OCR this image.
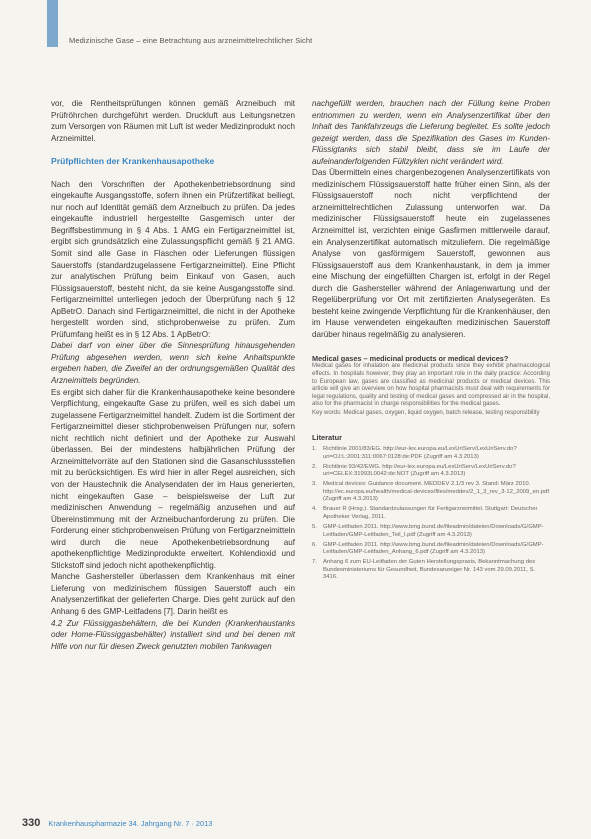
Medizinische Gase – eine Betrachtung aus arzneimittelrechtlicher Sicht

vor, die Rentheitsprüfungen können gemäß Arzneibuch mit Prüfröhrchen durchgeführt werden. Druckluft aus Leitungsnetzen zum Versorgen von Räumen mit Luft ist weder Medizinprodukt noch Arzneimittel.

Prüfpflichten der Krankenhausapotheke

Nach den Vorschriften der Apothekenbetriebsordnung sind eingekaufte Ausgangsstoffe, sofern ihnen ein Prüfzertifikat beiliegt, nur noch auf Identität gemäß dem Arzneibuch zu prüfen. Da jedes eingekaufte industriell hergestellte Gasgemisch unter der Begriffsbestimmung in § 4 Abs. 1 AMG ein Fertigarzneimittel ist, ergibt sich grundsätzlich eine Zulassungspflicht gemäß § 21 AMG. Somit sind alle Gase in Flaschen oder Lieferungen flüssigen Sauerstoffs (standardzugelassene Fertigarzneimittel). Eine Pflicht zur analytischen Prüfung beim Einkauf von Gasen, auch Flüssigsauerstoff, besteht nicht, da sie keine Ausgangsstoffe sind. Fertigarzneimittel unterliegen jedoch der Überprüfung nach § 12 ApBetrO. Danach sind Fertigarzneimittel, die nicht in der Apotheke hergestellt worden sind, stichprobenweise zu prüfen. Zum Prüfumfang heißt es in § 12 Abs. 1 ApBetrO:

Dabei darf von einer über die Sinnesprüfung hinausgehenden Prüfung abgesehen werden, wenn sich keine Anhaltspunkte ergeben haben, die Zweifel an der ordnungsgemäßen Qualität des Arzneimittels begründen.

Es ergibt sich daher für die Krankenhausapotheke keine besondere Verpflichtung, eingekaufte Gase zu prüfen, weil es sich dabei um zugelassene Fertigarzneimittel handelt. Zudem ist die Sortiment der Fertigarzneimittel dieser stichprobenweisen Prüfungen nur, sofern nicht rechtlich nicht definiert und der Apotheke zur Auswahl überlassen. Bei der mindestens halbjährlichen Prüfung der Arzneimittelvorräte auf den Stationen sind die Gasanschlussstellen mit zu berücksichtigen. Es wird hier in aller Regel ausreichen, sich von der Haustechnik die Analysendaten der im Haus generierten, nicht eingekauften Gase – beispielsweise der Luft zur medizinischen Anwendung – regelmäßig anzusehen und auf Übereinstimmung mit der Arzneibuchanforderung zu prüfen. Die Forderung einer stichprobenweisen Prüfung von Fertigarzneimitteln wird durch die neue Apothekenbetriebsordnung auf apothekenpflichtige Medizinprodukte erweitert. Kohlendioxid und Stickstoff sind jedoch nicht apothekenpflichtig.

Manche Gashersteller überlassen dem Krankenhaus mit einer Lieferung von medizinischem flüssigen Sauerstoff auch ein Analysenzertifikat der gelieferten Charge. Dies geht zurück auf den Anhang 6 des GMP-Leitfadens [7]. Darin heißt es

4.2 Zur Flüssiggasbehältern, die bei Kunden (Krankenhaustanks oder Home-Flüssiggasbehälter) installiert sind und bei denen mit Hilfe von nur für diesen Zweck genutzten mobilen Tankwagen

nachgefüllt werden, brauchen nach der Füllung keine Proben entnommen zu werden, wenn ein Analysenzertifikat über den Inhalt des Tankfahrzeugs die Lieferung begleitet. Es sollte jedoch gezeigt werden, dass die Spezifikation des Gases im Kunden-Flüssigtanks sich stabil bleibt, dass sie im Laufe der aufeinanderfolgenden Füllzyklen nicht verändert wird.

Das Übermitteln eines chargenbezogenen Analysenzertifikats von medizinischem Flüssigsauerstoff hatte früher einen Sinn, als der Flüssigsauerstoff noch nicht verpflichtend der arzneimittelrechtlichen Zulassung unterworfen war. Da medizinischer Flüssigsauerstoff heute ein zugelassenes Arzneimittel ist, verzichten einige Gasfirmen mittlerweile darauf, ein Analysenzertifikat automatisch mitzuliefern. Die regelmäßige Analyse von gasförmigem Sauerstoff, gewonnen aus Flüssigsauerstoff aus dem Krankenhaustank, in dem ja immer eine Mischung der eingefüllten Chargen ist, erfolgt in der Regel durch die Gashersteller während der Anlagenwartung und der Regelüberprüfung vor Ort mit zertifizierten Analysegeräten. Es besteht keine zwingende Verpflichtung für die Krankenhäuser, den im Hause verwendeten eingekauften medizinischen Sauerstoff darüber hinaus regelmäßig zu analysieren.

Medical gases – medicinal products or medical devices?

Medical gases for inhalation are medicinal products since they exhibit pharmacological effects. In hospitals however, they play an important role in the daily practice: According to European law, gases are classified as medicinal products or medical devices. This article will give an overview on how hospital pharmacists must deal with requirements for legal regulations, quality and testing of medical gases and compressed air in the hospital, also for the pharmacist in charge responsibilities for the medical gases.

Key words: Medical gases, oxygen, liquid oxygen, batch release, testing responsibility

Literatur

1.	Richtlinie 2001/83/EG. http://eur-lex.europa.eu/LexUriServ/LexUriServ.do?uri=OJ:L:2001:311:0067:0128:de:PDF (Zugriff am 4.3.2013)
2.	Richtlinie 93/42/EWG. http://eur-lex.europa.eu/LexUriServ/LexUriServ.do?uri=CELEX:31993L0042:de:NOT (Zugriff am 4.3.2013)
3.	Medical devices: Guidance document. MEDDEV 2.1/3 rev 3. Stand: März 2010. http://ec.europa.eu/health/medical-devices/files/meddev/2_1_3_rev_3-12_2009_en.pdf (Zugriff am 4.3.2013)
4.	Brauer R (Hrsg.). Standardzulassungen für Fertigarzneimittel. Stuttgart: Deutscher Apotheker Verlag, 2011.
5.	GMP-Leitfaden 2011. http://www.bmg.bund.de/fileadmin/dateien/Downloads/G/GMP-Leitfaden/GMP-Leitfaden_Teil_I.pdf (Zugriff am 4.3.2013)
6.	GMP-Leitfaden 2011. http://www.bmg.bund.de/fileadmin/dateien/Downloads/G/GMP-Leitfaden/GMP-Leitfaden_Anhang_6.pdf (Zugriff am 4.3.2013)
7.	Anhang 6 zum EU-Leitfaden der Guten Herstellungspraxis, Bekanntmachung des Bundesministeriums für Gesundheit, Bundesanzeiger Nr. 143 vom 29.09.2011, S. 3416.
330 Krankenhauspharmazie 34. Jahrgang Nr. 7 · 2013
